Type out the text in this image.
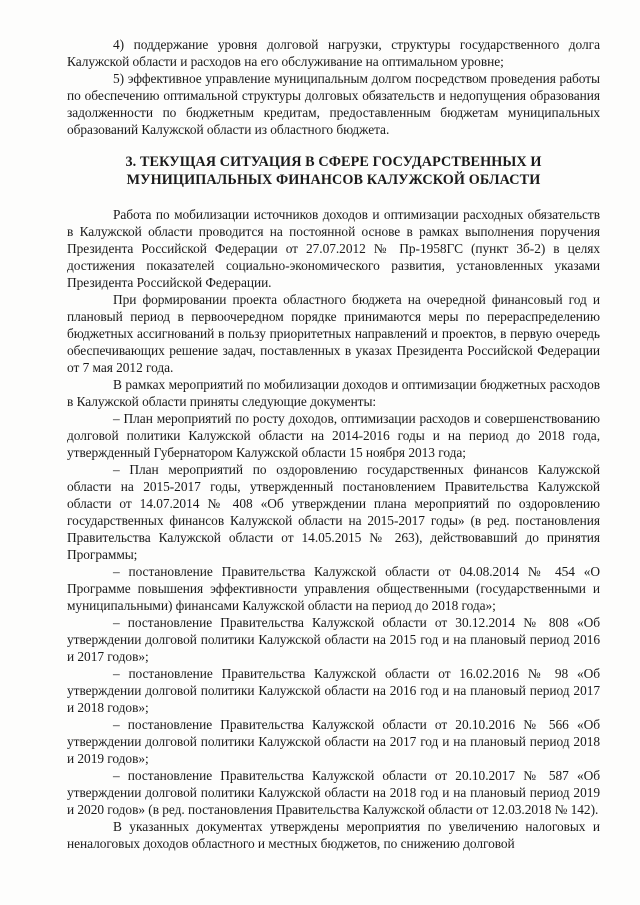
4) поддержание уровня долговой нагрузки, структуры государственного долга Калужской области и расходов на его обслуживание на оптимальном уровне;

5) эффективное управление муниципальным долгом посредством проведения работы по обеспечению оптимальной структуры долговых обязательств и недопущения образования задолженности по бюджетным кредитам, предоставленным бюджетам муниципальных образований Калужской области из областного бюджета.

3. ТЕКУЩАЯ СИТУАЦИЯ В СФЕРЕ ГОСУДАРСТВЕННЫХ И
МУНИЦИПАЛЬНЫХ ФИНАНСОВ КАЛУЖСКОЙ ОБЛАСТИ

Работа по мобилизации источников доходов и оптимизации расходных обязательств в Калужской области проводится на постоянной основе в рамках выполнения поручения Президента Российской Федерации от 27.07.2012 № Пр-1958ГС (пункт 3б-2) в целях достижения показателей социально-экономического развития, установленных указами Президента Российской Федерации.

При формировании проекта областного бюджета на очередной финансовый год и плановый период в первоочередном порядке принимаются меры по перераспределению бюджетных ассигнований в пользу приоритетных направлений и проектов, в первую очередь обеспечивающих решение задач, поставленных в указах Президента Российской Федерации от 7 мая 2012 года.

В рамках мероприятий по мобилизации доходов и оптимизации бюджетных расходов в Калужской области приняты следующие документы:

– План мероприятий по росту доходов, оптимизации расходов и совершенствованию долговой политики Калужской области на 2014-2016 годы и на период до 2018 года, утвержденный Губернатором Калужской области 15 ноября 2013 года;

– План мероприятий по оздоровлению государственных финансов Калужской области на 2015-2017 годы, утвержденный постановлением Правительства Калужской области от 14.07.2014 № 408 «Об утверждении плана мероприятий по оздоровлению государственных финансов Калужской области на 2015-2017 годы» (в ред. постановления Правительства Калужской области от 14.05.2015 № 263), действовавший до принятия Программы;

– постановление Правительства Калужской области от 04.08.2014 № 454 «О Программе повышения эффективности управления общественными (государственными и муниципальными) финансами Калужской области на период до 2018 года»;

– постановление Правительства Калужской области от 30.12.2014 № 808 «Об утверждении долговой политики Калужской области на 2015 год и на плановый период 2016 и 2017 годов»;

– постановление Правительства Калужской области от 16.02.2016 № 98 «Об утверждении долговой политики Калужской области на 2016 год и на плановый период 2017 и 2018 годов»;

– постановление Правительства Калужской области от 20.10.2016 № 566 «Об утверждении долговой политики Калужской области на 2017 год и на плановый период 2018 и 2019 годов»;

– постановление Правительства Калужской области от 20.10.2017 № 587 «Об утверждении долговой политики Калужской области на 2018 год и на плановый период 2019 и 2020 годов» (в ред. постановления Правительства Калужской области от 12.03.2018 № 142).

В указанных документах утверждены мероприятия по увеличению налоговых и неналоговых доходов областного и местных бюджетов, по снижению долговой
